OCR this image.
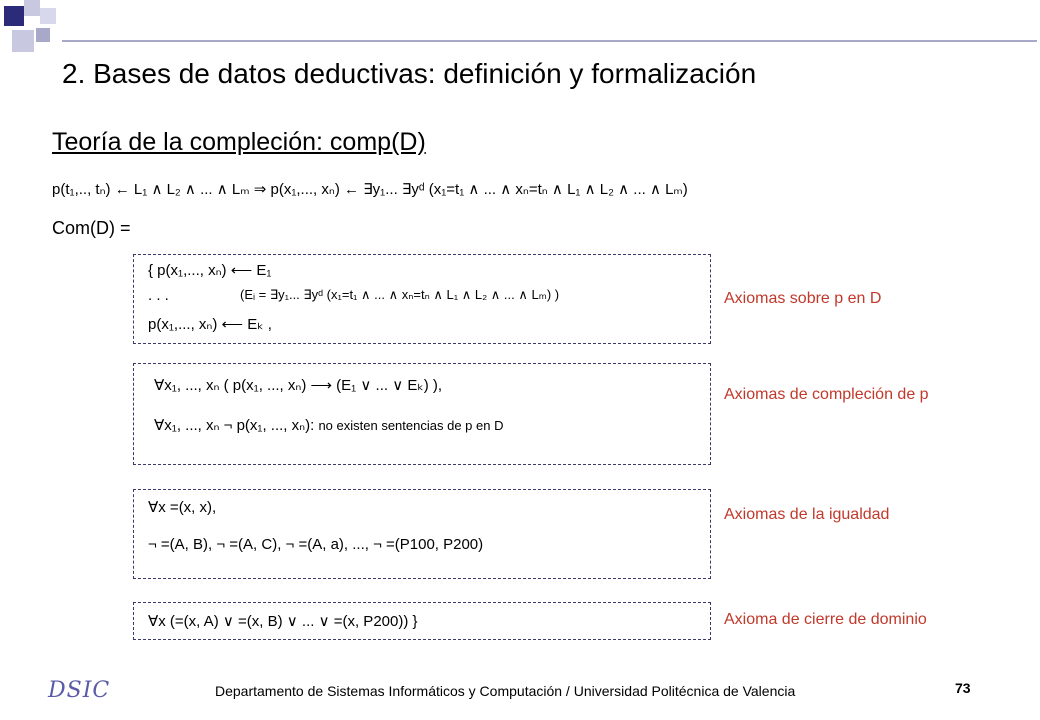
2. Bases de datos deductivas: definición y formalización
Teoría de la compleción: comp(D)
p(t₁,.., tₙ) ← L₁ ∧ L₂ ∧ ... ∧ Lₘ ⇒ p(x₁,..., xₙ) ← ∃y₁... ∃yᵈ (x₁=t₁ ∧ ... ∧ xₙ=tₙ ∧ L₁ ∧ L₂ ∧ ... ∧ Lₘ)
Com(D) =
{ p(x₁,..., xₙ) ⟵ E₁
. . .	(Eᵢ = ∃y₁... ∃yᵈ (x₁=t₁ ∧ ... ∧ xₙ=tₙ ∧ L₁ ∧ L₂ ∧ ... ∧ Lₘ) )
p(x₁,..., xₙ) ⟵ Eₖ ,
Axiomas sobre p en D
∀x₁, ..., xₙ ( p(x₁, ..., xₙ) ⟶ (E₁ ∨ ... ∨ Eₖ) ),
∀x₁, ..., xₙ ¬ p(x₁, ..., xₙ): no existen sentencias de p en D
Axiomas de compleción de p
∀x =(x, x),
¬ =(A, B), ¬ =(A, C), ¬ =(A, a), ..., ¬ =(P100, P200)
Axiomas de la igualdad
∀x (=(x, A) ∨ =(x, B) ∨ ... ∨ =(x, P200)) }	Axioma de cierre de dominio
DSIC	Departamento de Sistemas Informáticos y Computación / Universidad Politécnica de Valencia	73
